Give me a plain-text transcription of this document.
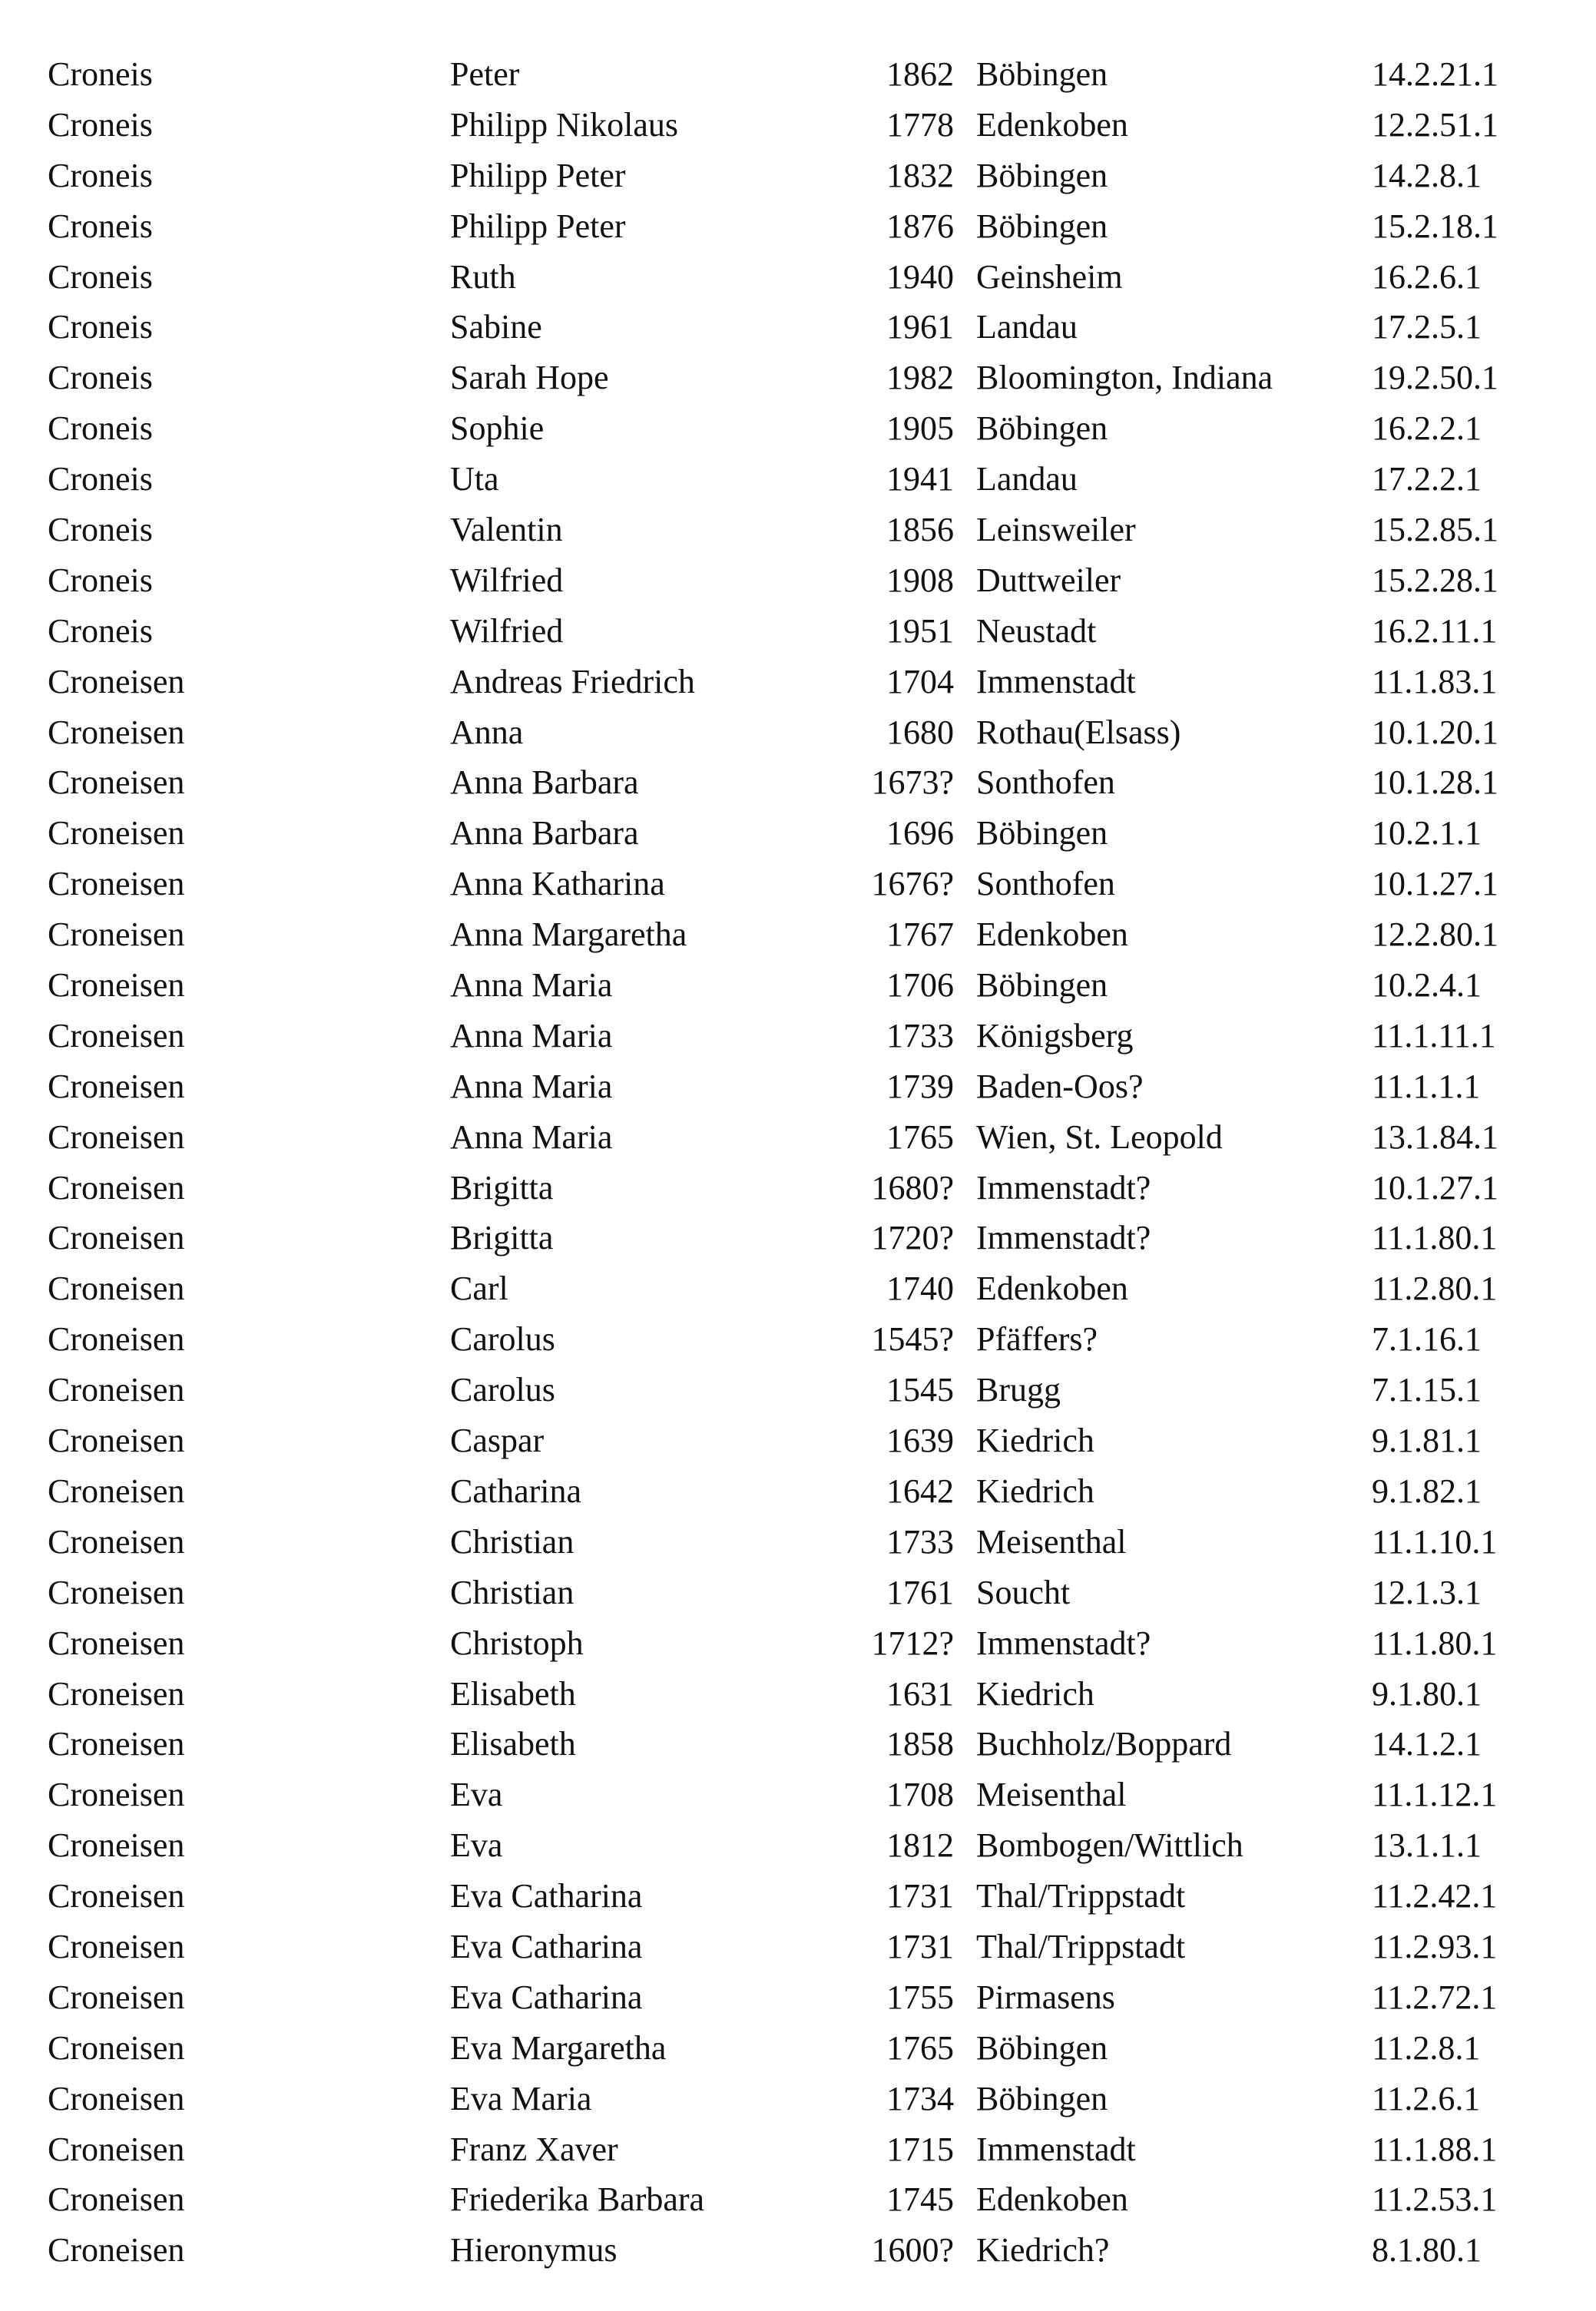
Croneis	Peter	1862 Böbingen	14.2.21.1
Croneis	Philipp Nikolaus	1778 Edenkoben	12.2.51.1
Croneis	Philipp Peter	1832 Böbingen	14.2.8.1
Croneis	Philipp Peter	1876 Böbingen	15.2.18.1
Croneis	Ruth	1940 Geinsheim	16.2.6.1
Croneis	Sabine	1961 Landau	17.2.5.1
Croneis	Sarah Hope	1982 Bloomington, Indiana	19.2.50.1
Croneis	Sophie	1905 Böbingen	16.2.2.1
Croneis	Uta	1941 Landau	17.2.2.1
Croneis	Valentin	1856 Leinsweiler	15.2.85.1
Croneis	Wilfried	1908 Duttweiler	15.2.28.1
Croneis	Wilfried	1951 Neustadt	16.2.11.1
Croneisen	Andreas Friedrich	1704 Immenstadt	11.1.83.1
Croneisen	Anna	1680 Rothau(Elsass)	10.1.20.1
Croneisen	Anna Barbara	1673? Sonthofen	10.1.28.1
Croneisen	Anna Barbara	1696 Böbingen	10.2.1.1
Croneisen	Anna Katharina	1676? Sonthofen	10.1.27.1
Croneisen	Anna Margaretha	1767 Edenkoben	12.2.80.1
Croneisen	Anna Maria	1706 Böbingen	10.2.4.1
Croneisen	Anna Maria	1733 Königsberg	11.1.11.1
Croneisen	Anna Maria	1739 Baden-Oos?	11.1.1.1
Croneisen	Anna Maria	1765 Wien, St. Leopold	13.1.84.1
Croneisen	Brigitta	1680? Immenstadt?	10.1.27.1
Croneisen	Brigitta	1720? Immenstadt?	11.1.80.1
Croneisen	Carl	1740 Edenkoben	11.2.80.1
Croneisen	Carolus	1545? Pfäffers?	7.1.16.1
Croneisen	Carolus	1545 Brugg	7.1.15.1
Croneisen	Caspar	1639 Kiedrich	9.1.81.1
Croneisen	Catharina	1642 Kiedrich	9.1.82.1
Croneisen	Christian	1733 Meisenthal	11.1.10.1
Croneisen	Christian	1761 Soucht	12.1.3.1
Croneisen	Christoph	1712? Immenstadt?	11.1.80.1
Croneisen	Elisabeth	1631 Kiedrich	9.1.80.1
Croneisen	Elisabeth	1858 Buchholz/Boppard	14.1.2.1
Croneisen	Eva	1708 Meisenthal	11.1.12.1
Croneisen	Eva	1812 Bombogen/Wittlich	13.1.1.1
Croneisen	Eva Catharina	1731 Thal/Trippstadt	11.2.42.1
Croneisen	Eva Catharina	1731 Thal/Trippstadt	11.2.93.1
Croneisen	Eva Catharina	1755 Pirmasens	11.2.72.1
Croneisen	Eva Margaretha	1765 Böbingen	11.2.8.1
Croneisen	Eva Maria	1734 Böbingen	11.2.6.1
Croneisen	Franz Xaver	1715 Immenstadt	11.1.88.1
Croneisen	Friederika Barbara	1745 Edenkoben	11.2.53.1
Croneisen	Hieronymus	1600? Kiedrich?	8.1.80.1
